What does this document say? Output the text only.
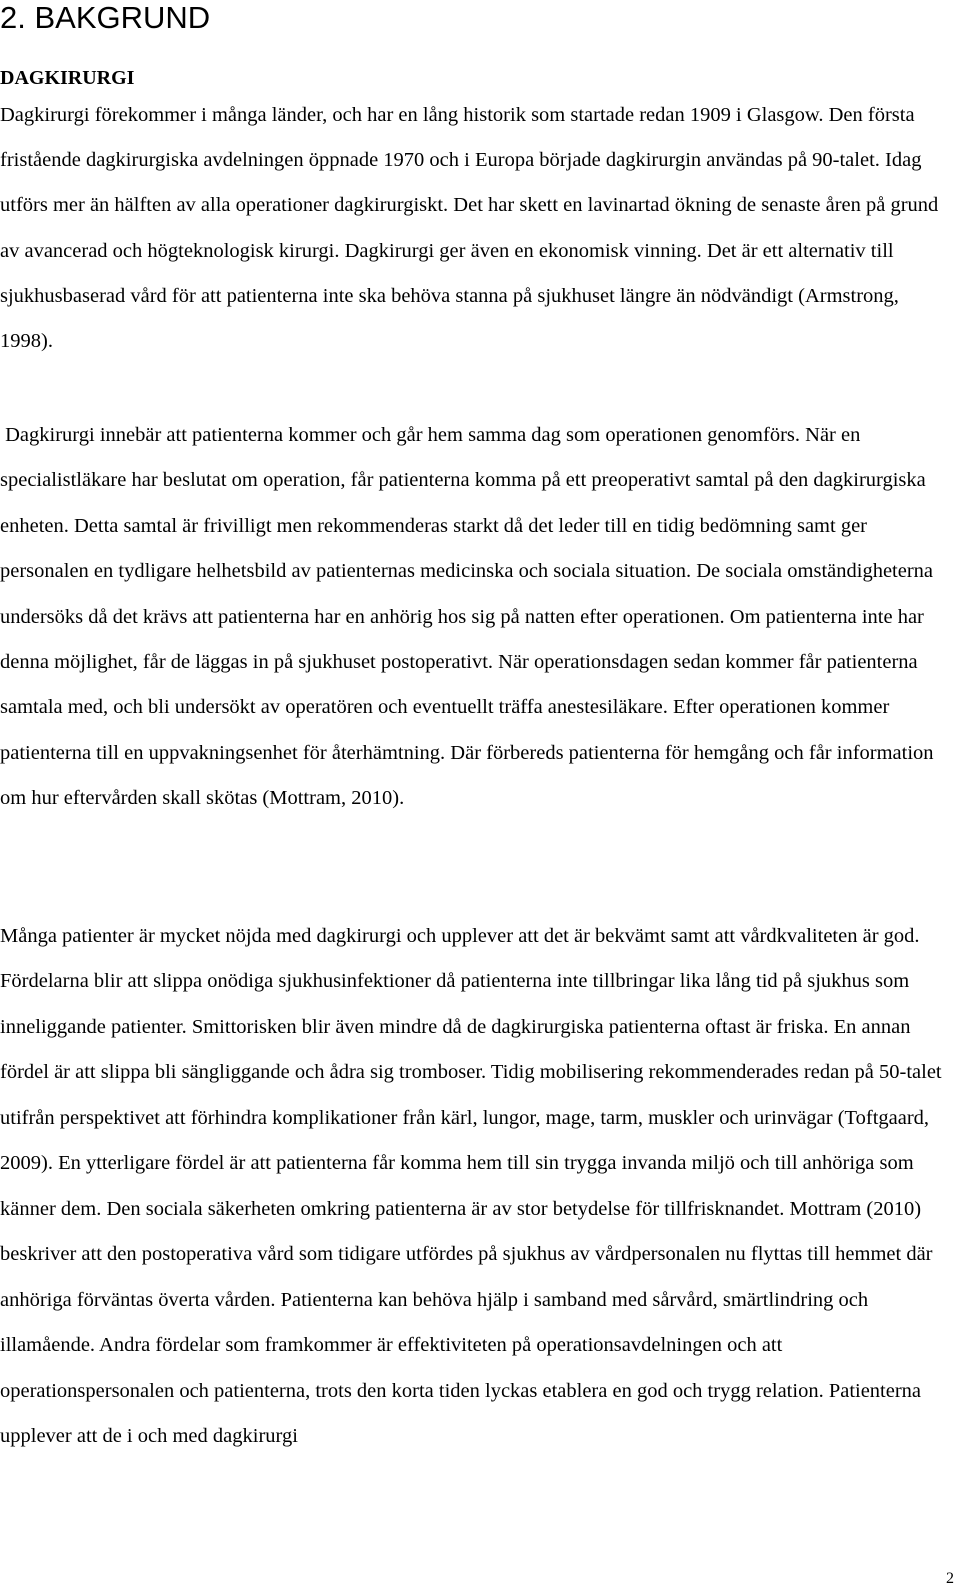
2. BAKGRUND
DAGKIRURGI

Dagkirurgi förekommer i många länder, och har en lång historik som startade redan 1909 i Glasgow. Den första fristående dagkirurgiska avdelningen öppnade 1970 och i Europa började dagkirurgin användas på 90-talet. Idag utförs mer än hälften av alla operationer dagkirurgiskt. Det har skett en lavinartad ökning de senaste åren på grund av avancerad och högteknologisk kirurgi. Dagkirurgi ger även en ekonomisk vinning. Det är ett alternativ till sjukhusbaserad vård för att patienterna inte ska behöva stanna på sjukhuset längre än nödvändigt (Armstrong, 1998).

Dagkirurgi innebär att patienterna kommer och går hem samma dag som operationen genomförs. När en specialistläkare har beslutat om operation, får patienterna komma på ett preoperativt samtal på den dagkirurgiska enheten. Detta samtal är frivilligt men rekommenderas starkt då det leder till en tidig bedömning samt ger personalen en tydligare helhetsbild av patienternas medicinska och sociala situation. De sociala omständigheterna undersöks då det krävs att patienterna har en anhörig hos sig på natten efter operationen. Om patienterna inte har denna möjlighet, får de läggas in på sjukhuset postoperativt. När operationsdagen sedan kommer får patienterna samtala med, och bli undersökt av operatören och eventuellt träffa anestesiläkare. Efter operationen kommer patienterna till en uppvakningsenhet för återhämtning. Där förbereds patienterna för hemgång och får information om hur eftervården skall skötas (Mottram, 2010).

Många patienter är mycket nöjda med dagkirurgi och upplever att det är bekvämt samt att vårdkvaliteten är god. Fördelarna blir att slippa onödiga sjukhusinfektioner då patienterna inte tillbringar lika lång tid på sjukhus som inneliggande patienter. Smittorisken blir även mindre då de dagkirurgiska patienterna oftast är friska. En annan fördel är att slippa bli sängliggande och ådra sig tromboser. Tidig mobilisering rekommenderades redan på 50-talet utifrån perspektivet att förhindra komplikationer från kärl, lungor, mage, tarm, muskler och urinvägar (Toftgaard, 2009). En ytterligare fördel är att patienterna får komma hem till sin trygga invanda miljö och till anhöriga som känner dem. Den sociala säkerheten omkring patienterna är av stor betydelse för tillfrisknandet. Mottram (2010) beskriver att den postoperativa vård som tidigare utfördes på sjukhus av vårdpersonalen nu flyttas till hemmet där anhöriga förväntas överta vården. Patienterna kan behöva hjälp i samband med sårvård, smärtlindring och illamående. Andra fördelar som framkommer är effektiviteten på operationsavdelningen och att operationspersonalen och patienterna, trots den korta tiden lyckas etablera en god och trygg relation. Patienterna upplever att de i och med dagkirurgi

2
